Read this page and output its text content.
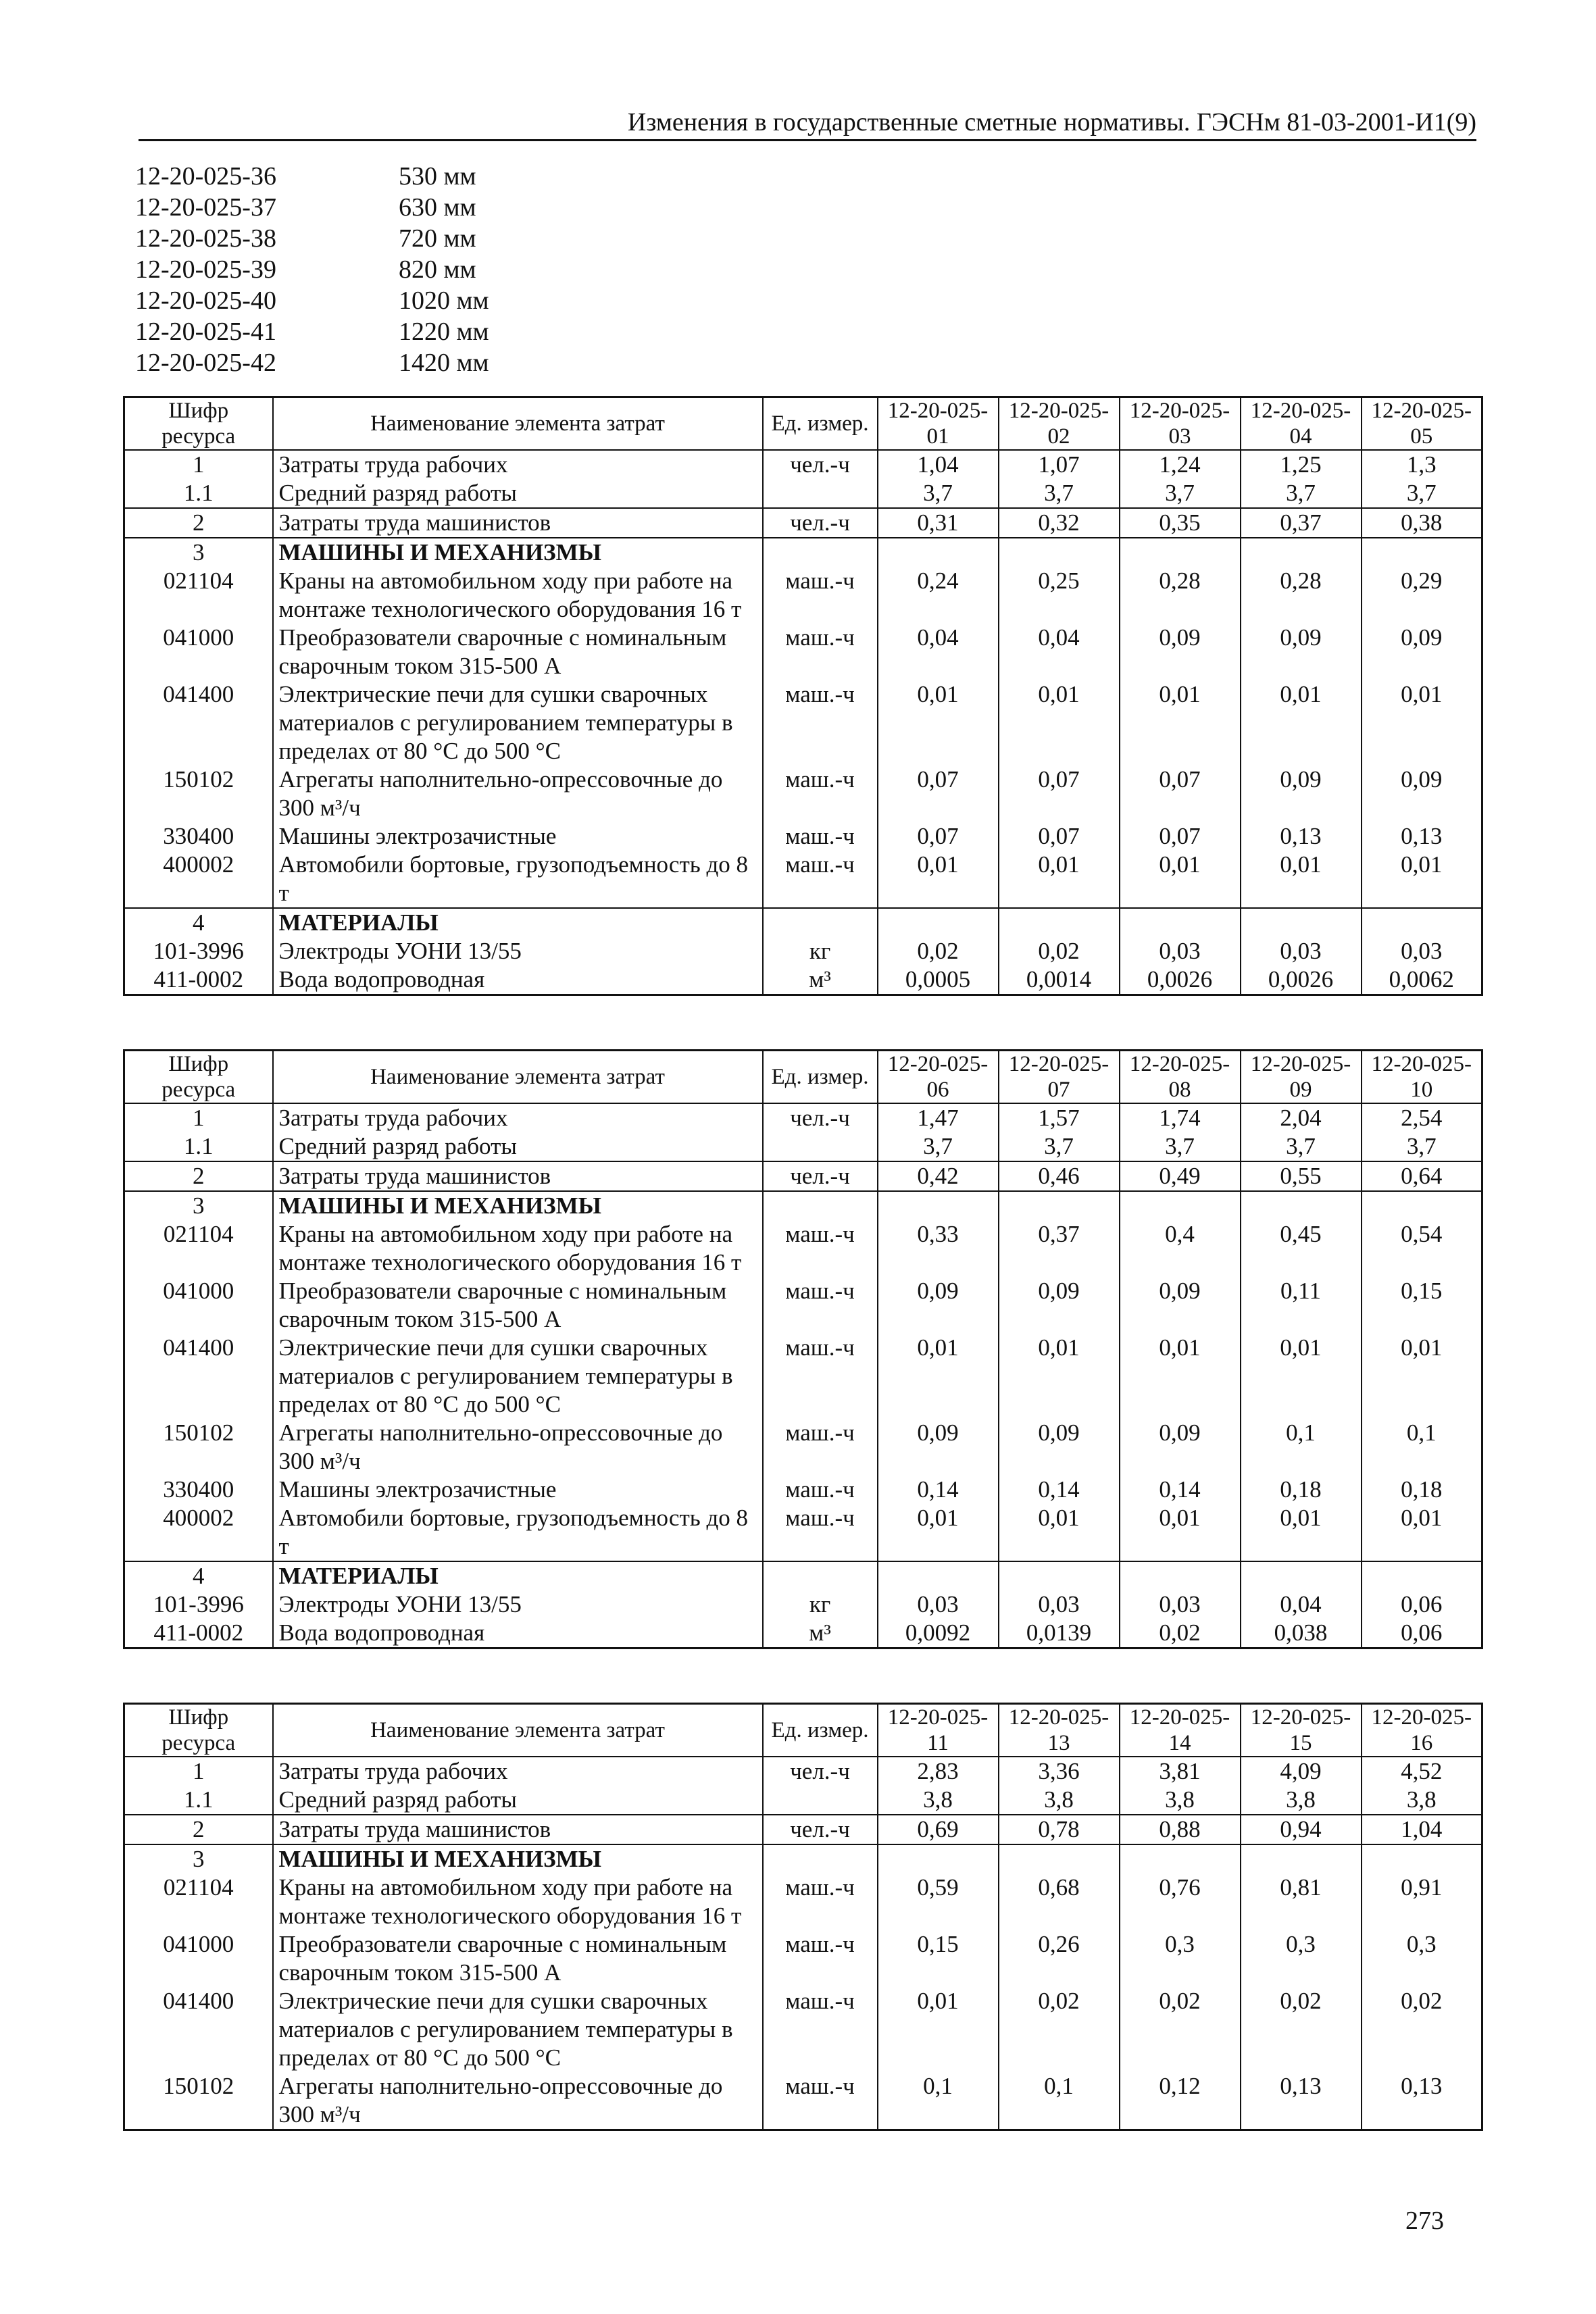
Изменения в государственные сметные нормативы. ГЭСНм 81-03-2001-И1(9)
12-20-025-36	530 мм
12-20-025-37	630 мм
12-20-025-38	720 мм
12-20-025-39	820 мм
12-20-025-40	1020 мм
12-20-025-41	1220 мм
12-20-025-42	1420 мм
Шифр ресурса	Наименование элемента затрат	Ед. измер.	12-20-025-01	12-20-025-02	12-20-025-03	12-20-025-04	12-20-025-05
1	Затраты труда рабочих	чел.-ч	1,04	1,07	1,24	1,25	1,3
1.1	Средний разряд работы		3,7	3,7	3,7	3,7	3,7
2	Затраты труда машинистов	чел.-ч	0,31	0,32	0,35	0,37	0,38
3	МАШИНЫ И МЕХАНИЗМЫ						
021104	Краны на автомобильном ходу при работе на монтаже технологического оборудования 16 т	маш.-ч	0,24	0,25	0,28	0,28	0,29
041000	Преобразователи сварочные с номинальным сварочным током 315-500 А	маш.-ч	0,04	0,04	0,09	0,09	0,09
041400	Электрические печи для сушки сварочных материалов с регулированием температуры в пределах от 80 °С до 500 °С	маш.-ч	0,01	0,01	0,01	0,01	0,01
150102	Агрегаты наполнительно-опрессовочные до 300 м³/ч	маш.-ч	0,07	0,07	0,07	0,09	0,09
330400	Машины электрозачистные	маш.-ч	0,07	0,07	0,07	0,13	0,13
400002	Автомобили бортовые, грузоподъемность до 8 т	маш.-ч	0,01	0,01	0,01	0,01	0,01
4	МАТЕРИАЛЫ						
101-3996	Электроды УОНИ 13/55	кг	0,02	0,02	0,03	0,03	0,03
411-0002	Вода водопроводная	м³	0,0005	0,0014	0,0026	0,0026	0,0062
Шифр ресурса	Наименование элемента затрат	Ед. измер.	12-20-025-06	12-20-025-07	12-20-025-08	12-20-025-09	12-20-025-10
1	Затраты труда рабочих	чел.-ч	1,47	1,57	1,74	2,04	2,54
1.1	Средний разряд работы		3,7	3,7	3,7	3,7	3,7
2	Затраты труда машинистов	чел.-ч	0,42	0,46	0,49	0,55	0,64
3	МАШИНЫ И МЕХАНИЗМЫ						
021104	Краны на автомобильном ходу при работе на монтаже технологического оборудования 16 т	маш.-ч	0,33	0,37	0,4	0,45	0,54
041000	Преобразователи сварочные с номинальным сварочным током 315-500 А	маш.-ч	0,09	0,09	0,09	0,11	0,15
041400	Электрические печи для сушки сварочных материалов с регулированием температуры в пределах от 80 °С до 500 °С	маш.-ч	0,01	0,01	0,01	0,01	0,01
150102	Агрегаты наполнительно-опрессовочные до 300 м³/ч	маш.-ч	0,09	0,09	0,09	0,1	0,1
330400	Машины электрозачистные	маш.-ч	0,14	0,14	0,14	0,18	0,18
400002	Автомобили бортовые, грузоподъемность до 8 т	маш.-ч	0,01	0,01	0,01	0,01	0,01
4	МАТЕРИАЛЫ						
101-3996	Электроды УОНИ 13/55	кг	0,03	0,03	0,03	0,04	0,06
411-0002	Вода водопроводная	м³	0,0092	0,0139	0,02	0,038	0,06
Шифр ресурса	Наименование элемента затрат	Ед. измер.	12-20-025-11	12-20-025-13	12-20-025-14	12-20-025-15	12-20-025-16
1	Затраты труда рабочих	чел.-ч	2,83	3,36	3,81	4,09	4,52
1.1	Средний разряд работы		3,8	3,8	3,8	3,8	3,8
2	Затраты труда машинистов	чел.-ч	0,69	0,78	0,88	0,94	1,04
3	МАШИНЫ И МЕХАНИЗМЫ						
021104	Краны на автомобильном ходу при работе на монтаже технологического оборудования 16 т	маш.-ч	0,59	0,68	0,76	0,81	0,91
041000	Преобразователи сварочные с номинальным сварочным током 315-500 А	маш.-ч	0,15	0,26	0,3	0,3	0,3
041400	Электрические печи для сушки сварочных материалов с регулированием температуры в пределах от 80 °С до 500 °С	маш.-ч	0,01	0,02	0,02	0,02	0,02
150102	Агрегаты наполнительно-опрессовочные до 300 м³/ч	маш.-ч	0,1	0,1	0,12	0,13	0,13
273
